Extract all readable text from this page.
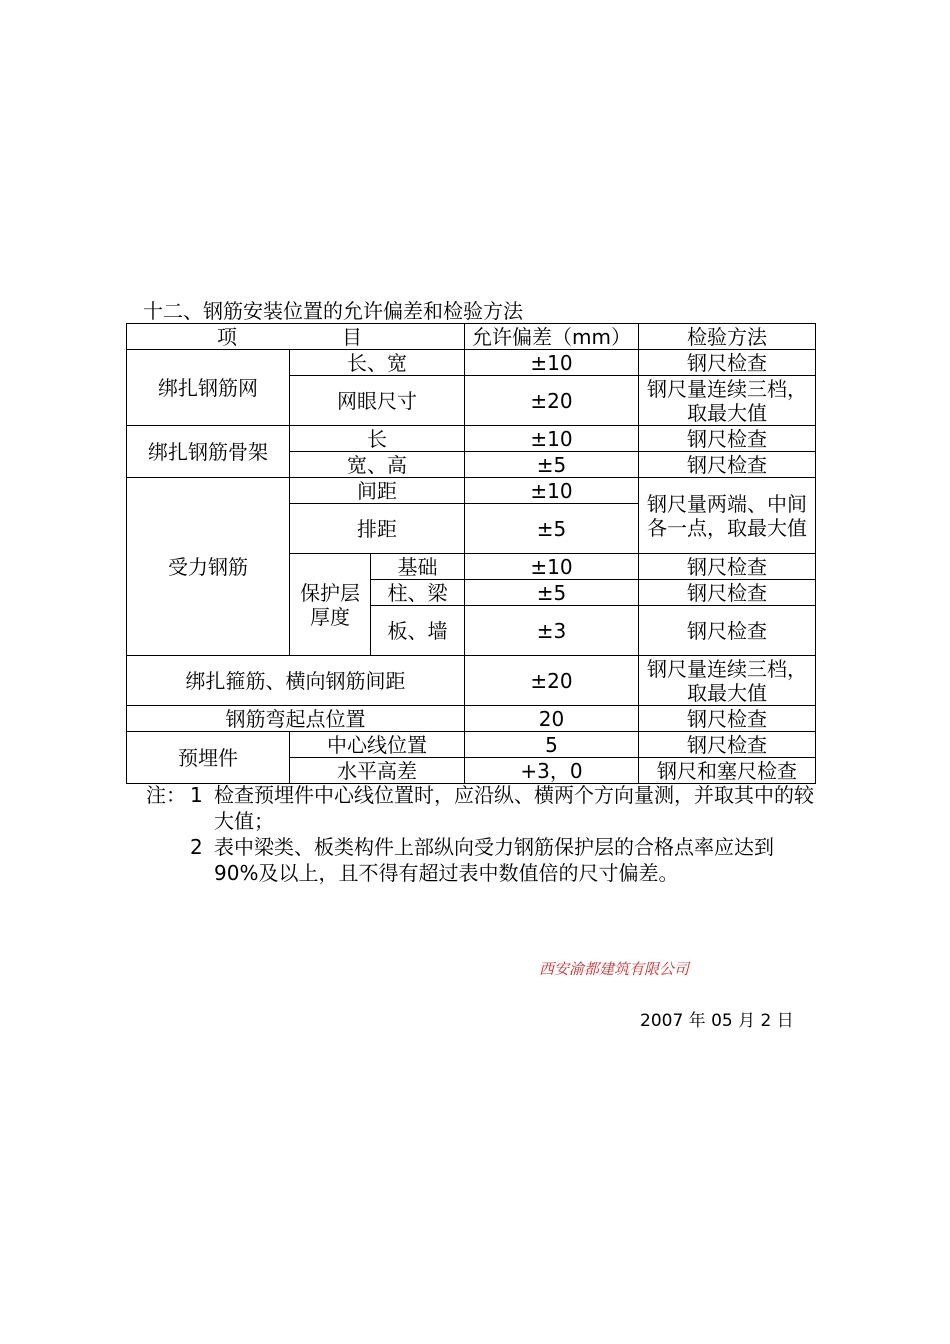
十二、钢筋安装位置的允许偏差和检验方法
项 目			允许偏差（mm）	检验方法
绑扎钢筋网	长、宽		±10	钢尺检查
	网眼尺寸		±20	钢尺量连续三档，取最大值
绑扎钢筋骨架	长		±10	钢尺检查
	宽、高		±5	钢尺检查
受力钢筋	间距		±10	钢尺量两端、中间各一点，取最大值
	排距		±5	
	保护层厚度	基础	±10	钢尺检查
		柱、梁	±5	钢尺检查
		板、墙	±3	钢尺检查
绑扎箍筋、横向钢筋间距			±20	钢尺量连续三档，取最大值
钢筋弯起点位置			20	钢尺检查
预埋件	中心线位置		5	钢尺检查
	水平高差		+3，0	钢尺和塞尺检查
注： 1 检查预埋件中心线位置时，应沿纵、横两个方向量测，并取其中的较大值；
2 表中梁类、板类构件上部纵向受力钢筋保护层的合格点率应达到90%及以上，且不得有超过表中数值倍的尺寸偏差。
西安渝都建筑有限公司
2007 年 05 月 2 日
